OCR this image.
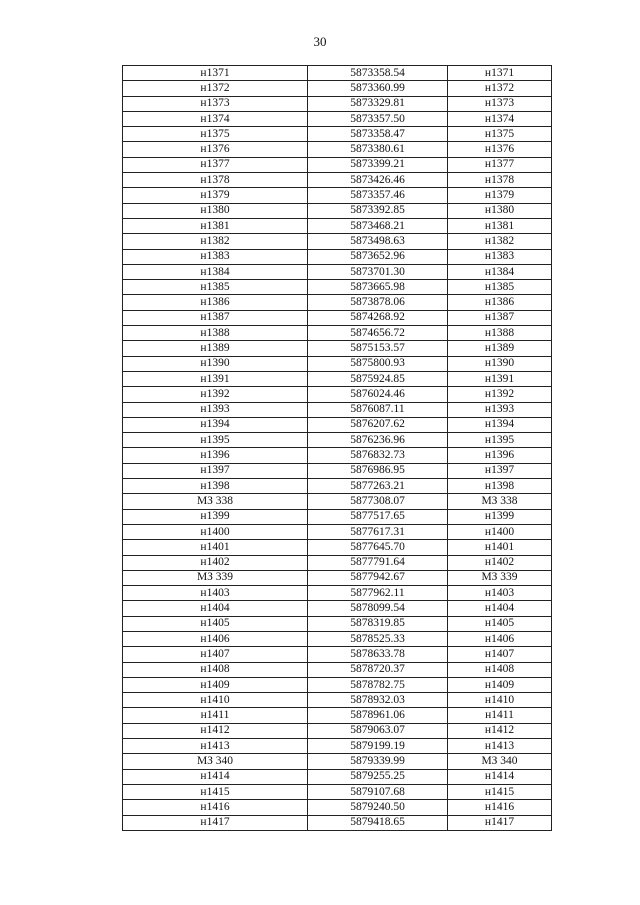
30
н1371	5873358.54	н1371
н1372	5873360.99	н1372
н1373	5873329.81	н1373
н1374	5873357.50	н1374
н1375	5873358.47	н1375
н1376	5873380.61	н1376
н1377	5873399.21	н1377
н1378	5873426.46	н1378
н1379	5873357.46	н1379
н1380	5873392.85	н1380
н1381	5873468.21	н1381
н1382	5873498.63	н1382
н1383	5873652.96	н1383
н1384	5873701.30	н1384
н1385	5873665.98	н1385
н1386	5873878.06	н1386
н1387	5874268.92	н1387
н1388	5874656.72	н1388
н1389	5875153.57	н1389
н1390	5875800.93	н1390
н1391	5875924.85	н1391
н1392	5876024.46	н1392
н1393	5876087.11	н1393
н1394	5876207.62	н1394
н1395	5876236.96	н1395
н1396	5876832.73	н1396
н1397	5876986.95	н1397
н1398	5877263.21	н1398
МЗ 338	5877308.07	МЗ 338
н1399	5877517.65	н1399
н1400	5877617.31	н1400
н1401	5877645.70	н1401
н1402	5877791.64	н1402
МЗ 339	5877942.67	МЗ 339
н1403	5877962.11	н1403
н1404	5878099.54	н1404
н1405	5878319.85	н1405
н1406	5878525.33	н1406
н1407	5878633.78	н1407
н1408	5878720.37	н1408
н1409	5878782.75	н1409
н1410	5878932.03	н1410
н1411	5878961.06	н1411
н1412	5879063.07	н1412
н1413	5879199.19	н1413
МЗ 340	5879339.99	МЗ 340
н1414	5879255.25	н1414
н1415	5879107.68	н1415
н1416	5879240.50	н1416
н1417	5879418.65	н1417
